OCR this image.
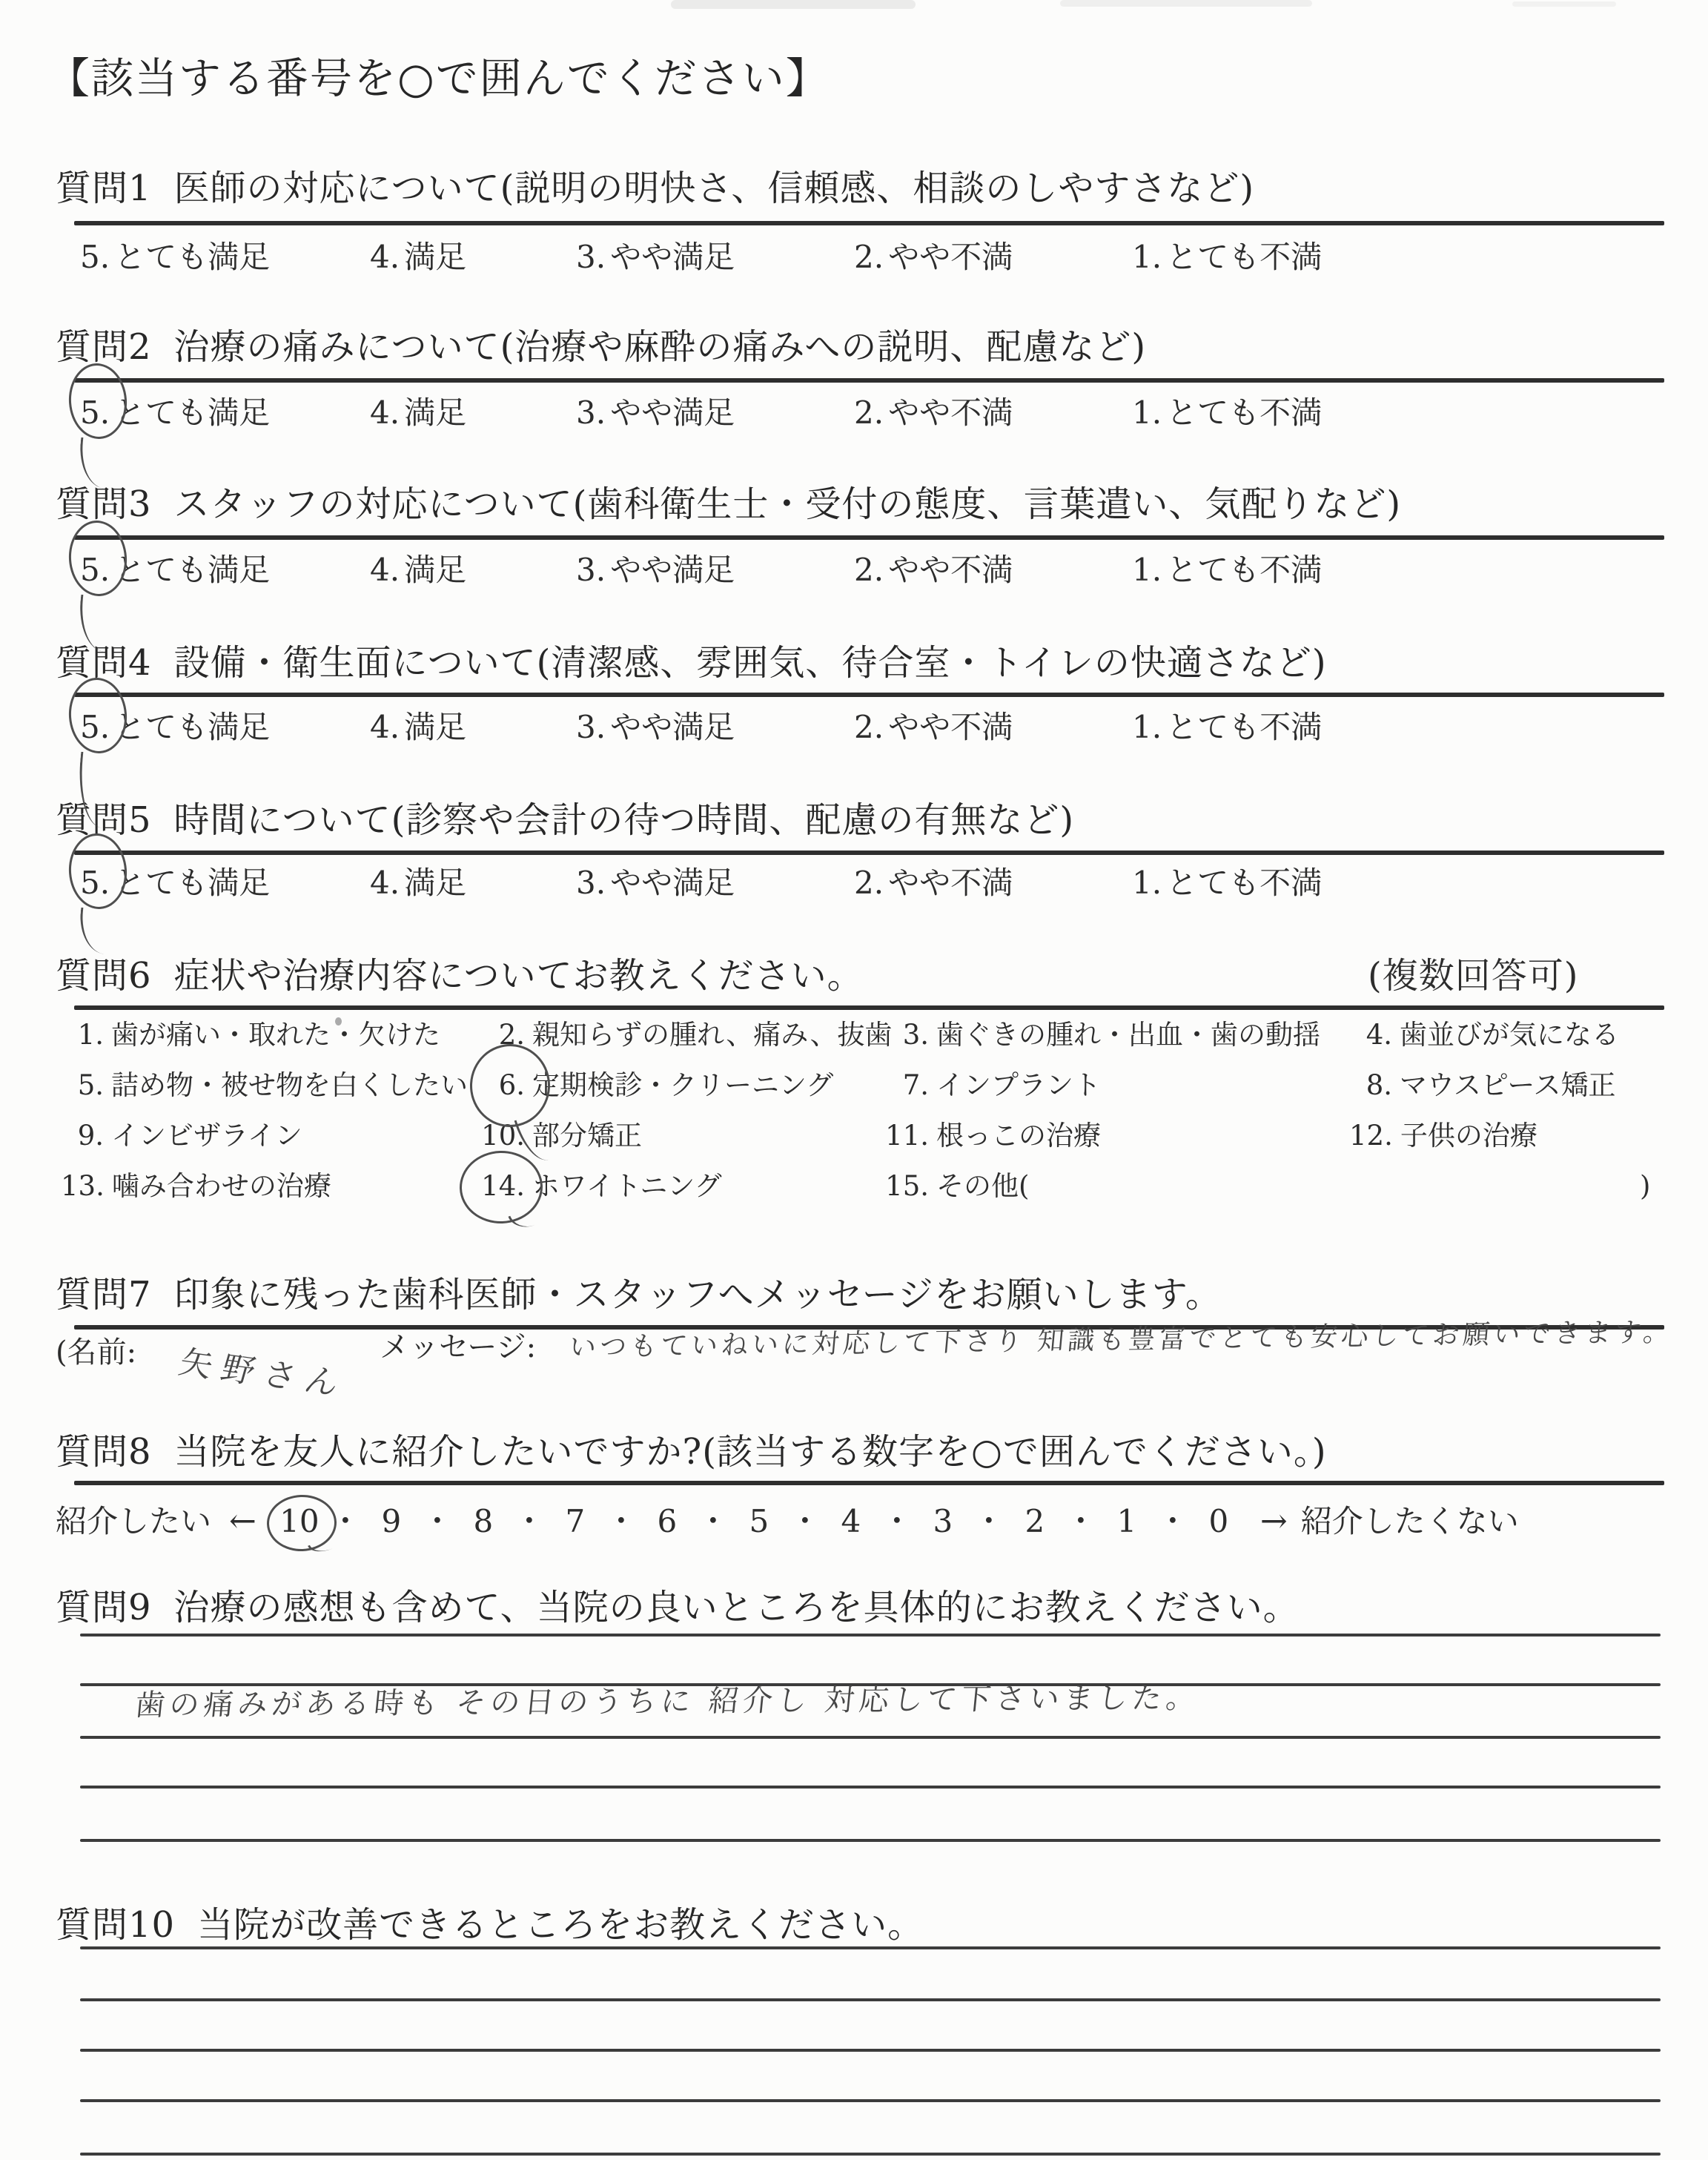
【該当する番号を○で囲んでください】
質問1 医師の対応について(説明の明快さ、信頼感、相談のしやすさなど)
5. とても満足	4. 満足	3. やや満足	2. やや不満	1. とても不満
質問2 治療の痛みについて(治療や麻酔の痛みへの説明、配慮など)
5. とても満足	4. 満足	3. やや満足	2. やや不満	1. とても不満
質問3 スタッフの対応について(歯科衛生士・受付の態度、言葉遣い、気配りなど)
5. とても満足	4. 満足	3. やや満足	2. やや不満	1. とても不満
質問4 設備・衛生面について(清潔感、雰囲気、待合室・トイレの快適さなど)
5. とても満足	4. 満足	3. やや満足	2. やや不満	1. とても不満
質問5 時間について(診察や会計の待つ時間、配慮の有無など)
5. とても満足	4. 満足	3. やや満足	2. やや不満	1. とても不満
質問6 症状や治療内容についてお教えください。	(複数回答可)
1. 歯が痛い・取れた・欠けた	2. 親知らずの腫れ、痛み、抜歯 3. 歯ぐきの腫れ・出血・歯の動揺	4. 歯並びが気になる
5. 詰め物・被せ物を白くしたい	6. 定期検診・クリーニング	7. インプラント	8. マウスピース矯正
9. インビザライン	10. 部分矯正	11. 根っこの治療	12. 子供の治療
13. 噛み合わせの治療	14. ホワイトニング	15. その他(	)
質問7 印象に残った歯科医師・スタッフへメッセージをお願いします。
(名前: 矢野さん メッセージ: いつもていねいに対応して下さり 知識も豊富でとても安心してお願いできます。
質問8 当院を友人に紹介したいですか?(該当する数字を○で囲んでください。)
紹介したい ← 10 ・ 9 ・ 8 ・ 7 ・ 6 ・ 5 ・ 4 ・ 3 ・ 2 ・ 1 ・ 0 → 紹介したくない
質問9 治療の感想も含めて、当院の良いところを具体的にお教えください。
歯の痛みがある時も その日のうちに 紹介し 対応して下さいました。
質問10 当院が改善できるところをお教えください。
